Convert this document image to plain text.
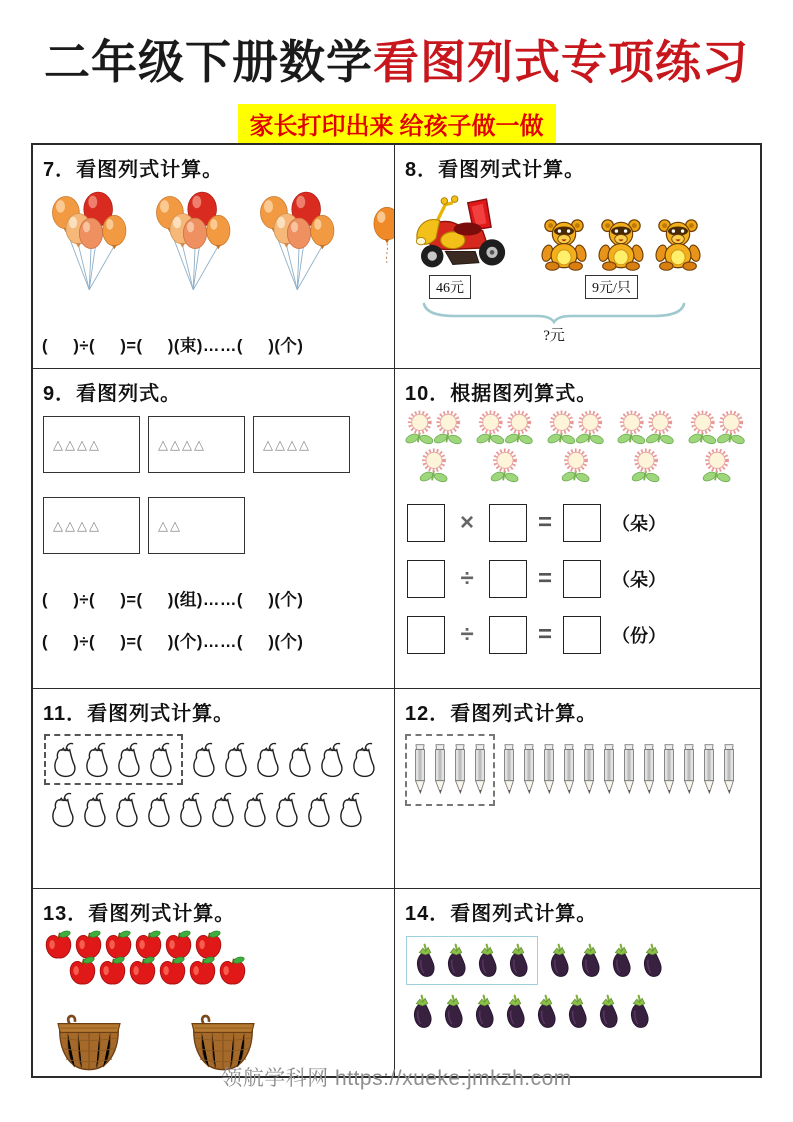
二年级下册数学看图列式专项练习
家长打印出来 给孩子做一做
7．看图列式计算。
(     )÷(     )=(     )(束)……(     )(个)
8．看图列式计算。
46元	9元/只
?元
9．看图列式。
△△△△	△△△△	△△△△
△△△△	△△
(     )÷(     )=(     )(组)……(     )(个)
(     )÷(     )=(     )(个)……(     )(个)
10．根据图列算式。
×	=	（朵）
÷	=	（朵）
÷	=	（份）
11．看图列式计算。	12．看图列式计算。
13．看图列式计算。	14．看图列式计算。
领航学科网 https://xueke.jmkzh.com
